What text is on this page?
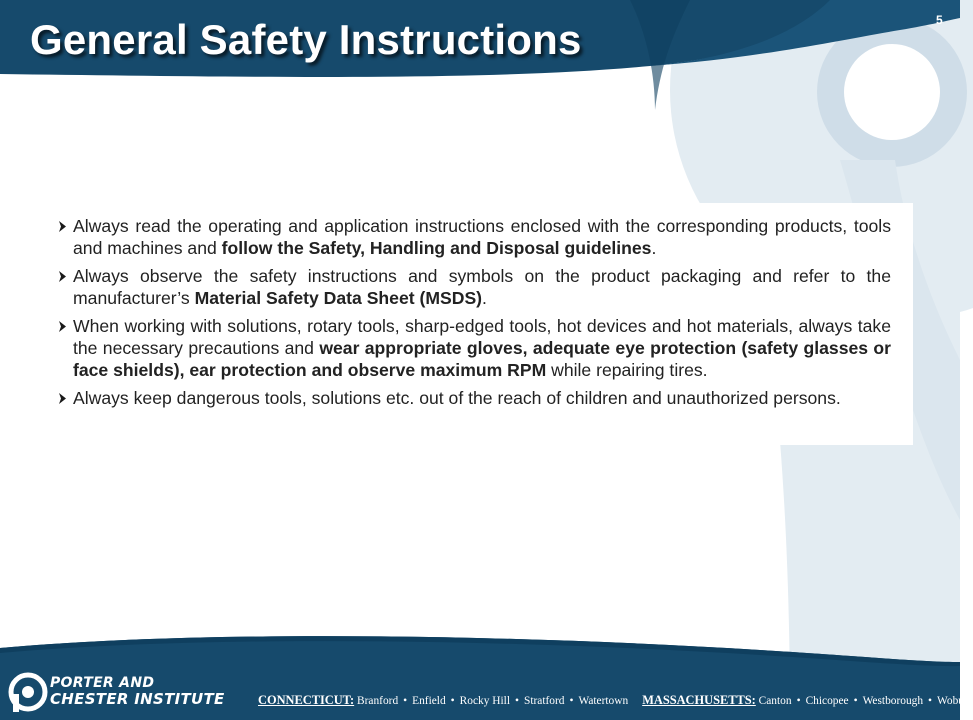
General Safety Instructions	5
Always read the operating and application instructions enclosed with the corresponding products, tools and machines and follow the Safety, Handling and Disposal guidelines.
Always observe the safety instructions and symbols on the product packaging and refer to the manufacturer’s Material Safety Data Sheet (MSDS).
When working with solutions, rotary tools, sharp-edged tools, hot devices and hot materials, always take the necessary precautions and wear appropriate gloves, adequate eye protection (safety glasses or face shields), ear protection and observe maximum RPM while repairing tires.
Always keep dangerous tools, solutions etc. out of the reach of children and unauthorized persons.
PORTER AND
CHESTER INSTITUTE	CONNECTICUT: Branford • Enfield • Rocky Hill • Stratford • Watertown MASSACHUSETTS: Canton • Chicopee • Westborough • Woburn
